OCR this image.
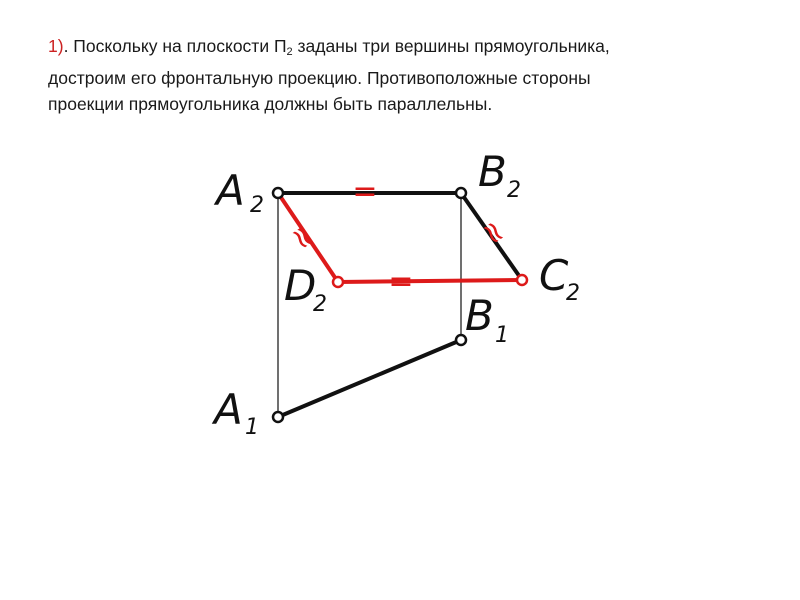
1). Поскольку на плоскости $П_2$ заданы три вершины прямоугольника,
достроим его фронтальную проекцию. Противоположные стороны
проекции прямоугольника должны быть параллельны.

=
=
≈	≈
A 2
B 2
C
2
D
2	B 1
A 1
